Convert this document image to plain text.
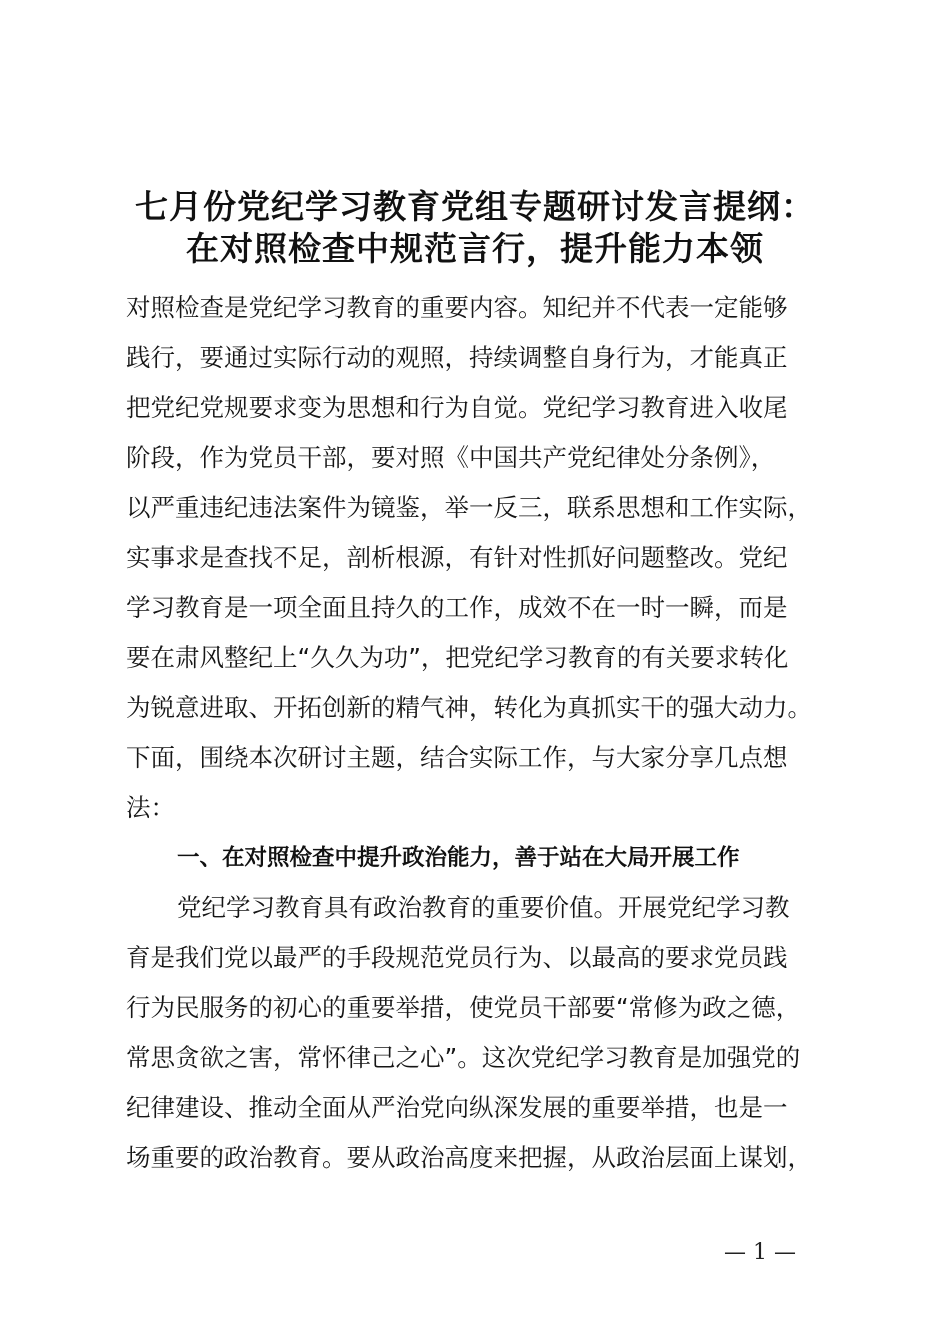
七月份党纪学习教育党组专题研讨发言提纲：
在对照检查中规范言行，提升能力本领
对照检查是党纪学习教育的重要内容。知纪并不代表一定能够
践行，要通过实际行动的观照，持续调整自身行为，才能真正
把党纪党规要求变为思想和行为自觉。党纪学习教育进入收尾
阶段，作为党员干部，要对照《中国共产党纪律处分条例》，
以严重违纪违法案件为镜鉴，举一反三，联系思想和工作实际，
实事求是查找不足，剖析根源，有针对性抓好问题整改。党纪
学习教育是一项全面且持久的工作，成效不在一时一瞬，而是
要在肃风整纪上“久久为功”，把党纪学习教育的有关要求转化
为锐意进取、开拓创新的精气神，转化为真抓实干的强大动力。
下面，围绕本次研讨主题，结合实际工作，与大家分享几点想
法：
一、在对照检查中提升政治能力，善于站在大局开展工作
党纪学习教育具有政治教育的重要价值。开展党纪学习教
育是我们党以最严的手段规范党员行为、以最高的要求党员践
行为民服务的初心的重要举措，使党员干部要“常修为政之德，
常思贪欲之害，常怀律己之心”。这次党纪学习教育是加强党的
纪律建设、推动全面从严治党向纵深发展的重要举措，也是一
场重要的政治教育。要从政治高度来把握，从政治层面上谋划，
— 1 —
